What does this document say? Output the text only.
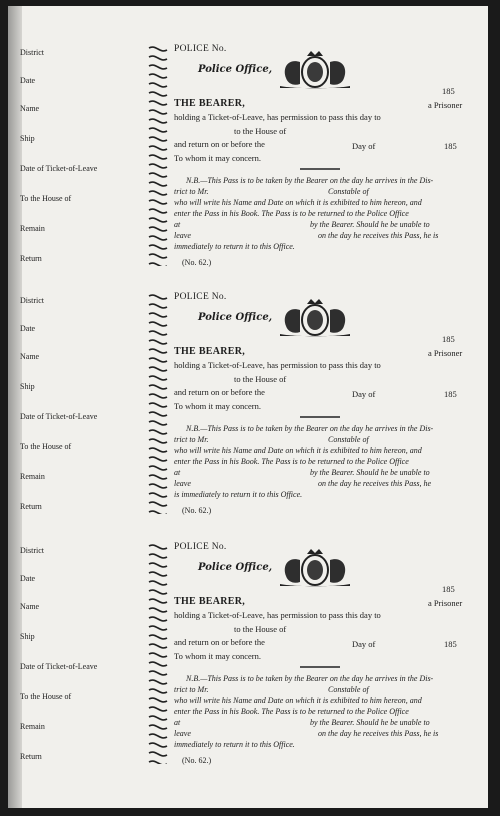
District
Date
Name
Ship
Date of Ticket-of-Leave
To the House of
Remain
Return
POLICE No.
Police Office,
185
THE BEARER,	a Prisoner
holding a Ticket-of-Leave, has permission to pass this day to
to the House of
and return on or before the	Day of	185
To whom it may concern.
N.B.—This Pass is to be taken by the Bearer on the day he arrives in the Dis-
trict to Mr.	Constable of
who will write his Name and Date on which it is exhibited to him hereon, and
enter the Pass in his Book. The Pass is to be returned to the Police Office
at	by the Bearer. Should he be unable to
leave	on the day he receives this Pass, he is
immediately to return it to this Office.
(No. 62.)
District
Date
Name
Ship
Date of Ticket-of-Leave
To the House of
Remain
Return
POLICE No.
Police Office,
185
THE BEARER,	a Prisoner
holding a Ticket-of-Leave, has permission to pass this day to
to the House of
and return on or before the	Day of	185
To whom it may concern.
N.B.—This Pass is to be taken by the Bearer on the day he arrives in the Dis-
trict to Mr.	Constable of
who will write his Name and Date on which it is exhibited to him hereon, and
enter the Pass in his Book. The Pass is to be returned to the Police Office
at	by the Bearer. Should he be unable to
leave	on the day he receives this Pass, he
is immediately to return it to this Office.
(No. 62.)
District
Date
Name
Ship
Date of Ticket-of-Leave
To the House of
Remain
Return
POLICE No.
Police Office,
185
THE BEARER,	a Prisoner
holding a Ticket-of-Leave, has permission to pass this day to
to the House of
and return on or before the	Day of	185
To whom it may concern.
N.B.—This Pass is to be taken by the Bearer on the day he arrives in the Dis-
trict to Mr.	Constable of
who will write his Name and Date on which it is exhibited to him hereon, and
enter the Pass in his Book. The Pass is to be returned to the Police Office
at	by the Bearer. Should he be unable to
leave	on the day he receives this Pass, he is
immediately to return it to this Office.
(No. 62.)
